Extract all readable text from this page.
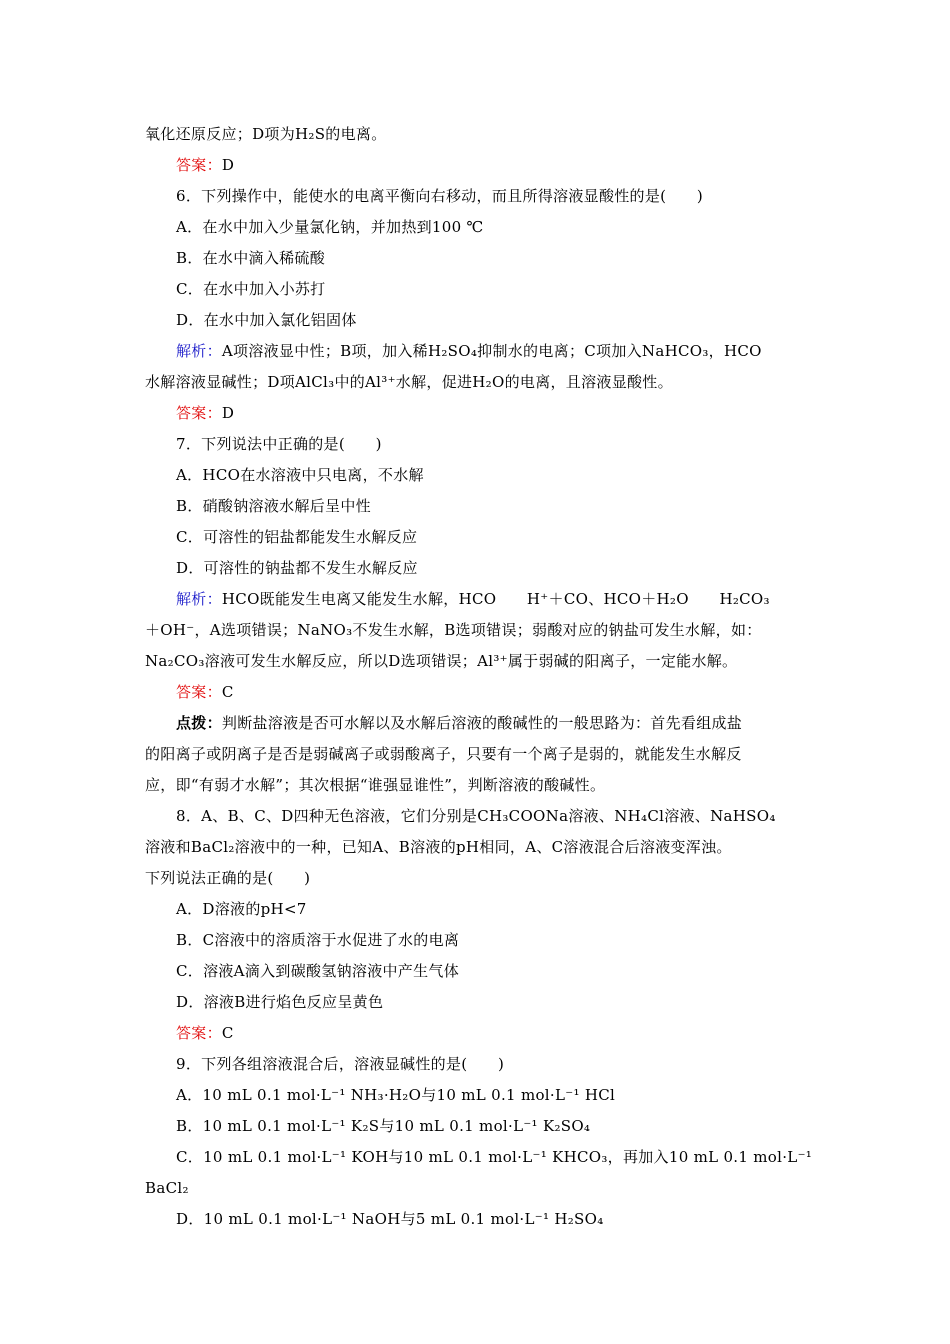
氧化还原反应；D项为H₂S的电离。
答案：D
6．下列操作中，能使水的电离平衡向右移动，而且所得溶液显酸性的是(　　)
A．在水中加入少量氯化钠，并加热到100 ℃
B．在水中滴入稀硫酸
C．在水中加入小苏打
D．在水中加入氯化铝固体
解析：A项溶液显中性；B项，加入稀H₂SO₄抑制水的电离；C项加入NaHCO₃，HCO
水解溶液显碱性；D项AlCl₃中的Al³⁺水解，促进H₂O的电离，且溶液显酸性。
答案：D
7．下列说法中正确的是(　　)
A．HCO在水溶液中只电离，不水解
B．硝酸钠溶液水解后呈中性
C．可溶性的铝盐都能发生水解反应
D．可溶性的钠盐都不发生水解反应
解析：HCO既能发生电离又能发生水解，HCO　　H⁺＋CO、HCO＋H₂O　　H₂CO₃
＋OH⁻，A选项错误；NaNO₃不发生水解，B选项错误；弱酸对应的钠盐可发生水解，如：
Na₂CO₃溶液可发生水解反应，所以D选项错误；Al³⁺属于弱碱的阳离子，一定能水解。
答案：C
点拨：判断盐溶液是否可水解以及水解后溶液的酸碱性的一般思路为：首先看组成盐
的阳离子或阴离子是否是弱碱离子或弱酸离子，只要有一个离子是弱的，就能发生水解反
应，即“有弱才水解”；其次根据“谁强显谁性”，判断溶液的酸碱性。
8．A、B、C、D四种无色溶液，它们分别是CH₃COONa溶液、NH₄Cl溶液、NaHSO₄
溶液和BaCl₂溶液中的一种，已知A、B溶液的pH相同，A、C溶液混合后溶液变浑浊。
下列说法正确的是(　　)
A．D溶液的pH<7
B．C溶液中的溶质溶于水促进了水的电离
C．溶液A滴入到碳酸氢钠溶液中产生气体
D．溶液B进行焰色反应呈黄色
答案：C
9．下列各组溶液混合后，溶液显碱性的是(　　)
A．10 mL 0.1 mol·L⁻¹ NH₃·H₂O与10 mL 0.1 mol·L⁻¹ HCl
B．10 mL 0.1 mol·L⁻¹ K₂S与10 mL 0.1 mol·L⁻¹ K₂SO₄
C．10 mL 0.1 mol·L⁻¹ KOH与10 mL 0.1 mol·L⁻¹ KHCO₃，再加入10 mL 0.1 mol·L⁻¹
BaCl₂
D．10 mL 0.1 mol·L⁻¹ NaOH与5 mL 0.1 mol·L⁻¹ H₂SO₄
